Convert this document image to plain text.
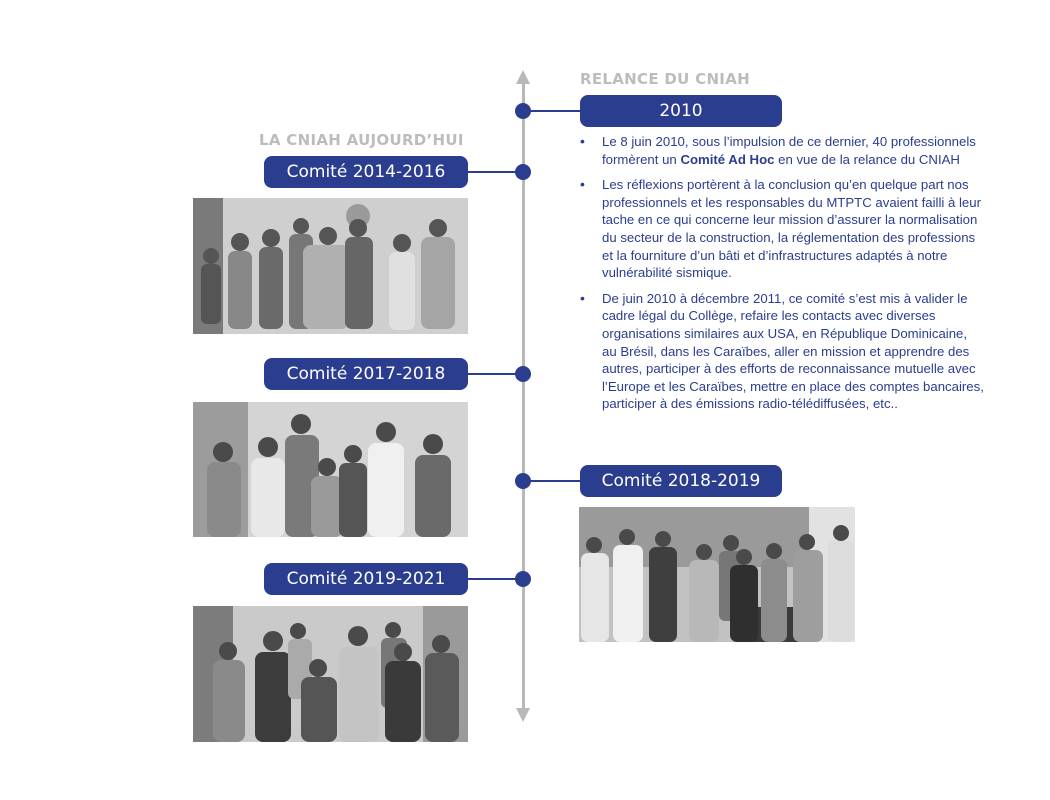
RELANCE DU CNIAH
LA CNIAH AUJOURD’HUI
2010
Comité 2014-2016
Comité 2017-2018
Comité 2019-2021
Comité 2018-2019
• Le 8 juin 2010, sous l’impulsion de ce dernier, 40 professionnels formèrent un Comité Ad Hoc en vue de la relance du CNIAH
• Les réflexions portèrent à la conclusion qu’en quelque part nos professionnels et les responsables du MTPTC avaient failli à leur tache en ce qui concerne leur mission d’assurer la normalisation du secteur de la construction, la réglementation des professions et la fourniture d’un bâti et d’infrastructures adaptés à notre vulnérabilité sismique.
• De juin 2010 à décembre 2011, ce comité s’est mis à valider le cadre légal du Collège, refaire les contacts avec diverses organisations similaires aux USA, en République Dominicaine, au Brésil, dans les Caraïbes, aller en mission et apprendre des autres, participer à des efforts de reconnaissance mutuelle avec l’Europe et les Caraïbes, mettre en place des comptes bancaires, participer à des émissions radio-télédiffusées, etc..
